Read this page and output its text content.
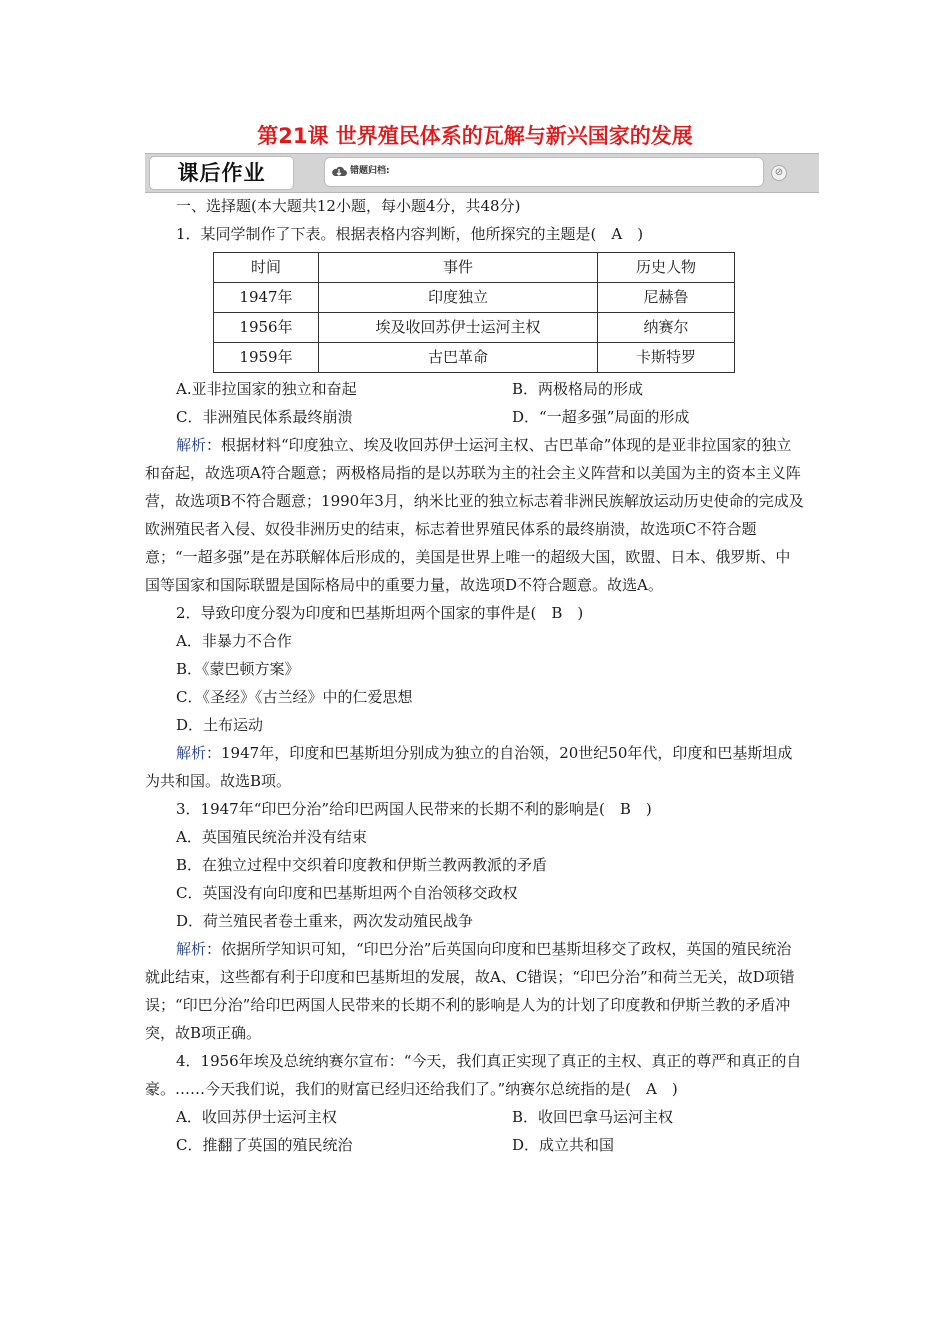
第21课 世界殖民体系的瓦解与新兴国家的发展
课后作业	错题归档:	⊘

一、选择题(本大题共12小题，每小题4分，共48分)

1．某同学制作了下表。根据表格内容判断，他所探究的主题是(　A　)

时间	事件	历史人物
1947年	印度独立	尼赫鲁
1956年	埃及收回苏伊士运河主权	纳赛尔
1959年	古巴革命	卡斯特罗
A.亚非拉国家的独立和奋起	B．两极格局的形成
C．非洲殖民体系最终崩溃	D．“一超多强”局面的形成

解析：根据材料“印度独立、埃及收回苏伊士运河主权、古巴革命”体现的是亚非拉国家的独立和奋起，故选项A符合题意；两极格局指的是以苏联为主的社会主义阵营和以美国为主的资本主义阵营，故选项B不符合题意；1990年3月，纳米比亚的独立标志着非洲民族解放运动历史使命的完成及欧洲殖民者入侵、奴役非洲历史的结束，标志着世界殖民体系的最终崩溃，故选项C不符合题意；“一超多强”是在苏联解体后形成的，美国是世界上唯一的超级大国，欧盟、日本、俄罗斯、中国等国家和国际联盟是国际格局中的重要力量，故选项D不符合题意。故选A。

2．导致印度分裂为印度和巴基斯坦两个国家的事件是(　B　)

A．非暴力不合作

B．《蒙巴顿方案》

C．《圣经》《古兰经》中的仁爱思想

D．土布运动

解析：1947年，印度和巴基斯坦分别成为独立的自治领，20世纪50年代，印度和巴基斯坦成为共和国。故选B项。

3．1947年“印巴分治”给印巴两国人民带来的长期不利的影响是(　B　)

A．英国殖民统治并没有结束

B．在独立过程中交织着印度教和伊斯兰教两教派的矛盾

C．英国没有向印度和巴基斯坦两个自治领移交政权

D．荷兰殖民者卷土重来，两次发动殖民战争

解析：依据所学知识可知，“印巴分治”后英国向印度和巴基斯坦移交了政权，英国的殖民统治就此结束，这些都有利于印度和巴基斯坦的发展，故A、C错误；“印巴分治”和荷兰无关，故D项错误；“印巴分治”给印巴两国人民带来的长期不利的影响是人为的计划了印度教和伊斯兰教的矛盾冲突，故B项正确。

4．1956年埃及总统纳赛尔宣布：“今天，我们真正实现了真正的主权、真正的尊严和真正的自豪。……今天我们说，我们的财富已经归还给我们了。”纳赛尔总统指的是(　A　)

A．收回苏伊士运河主权	B．收回巴拿马运河主权
C．推翻了英国的殖民统治	D．成立共和国
